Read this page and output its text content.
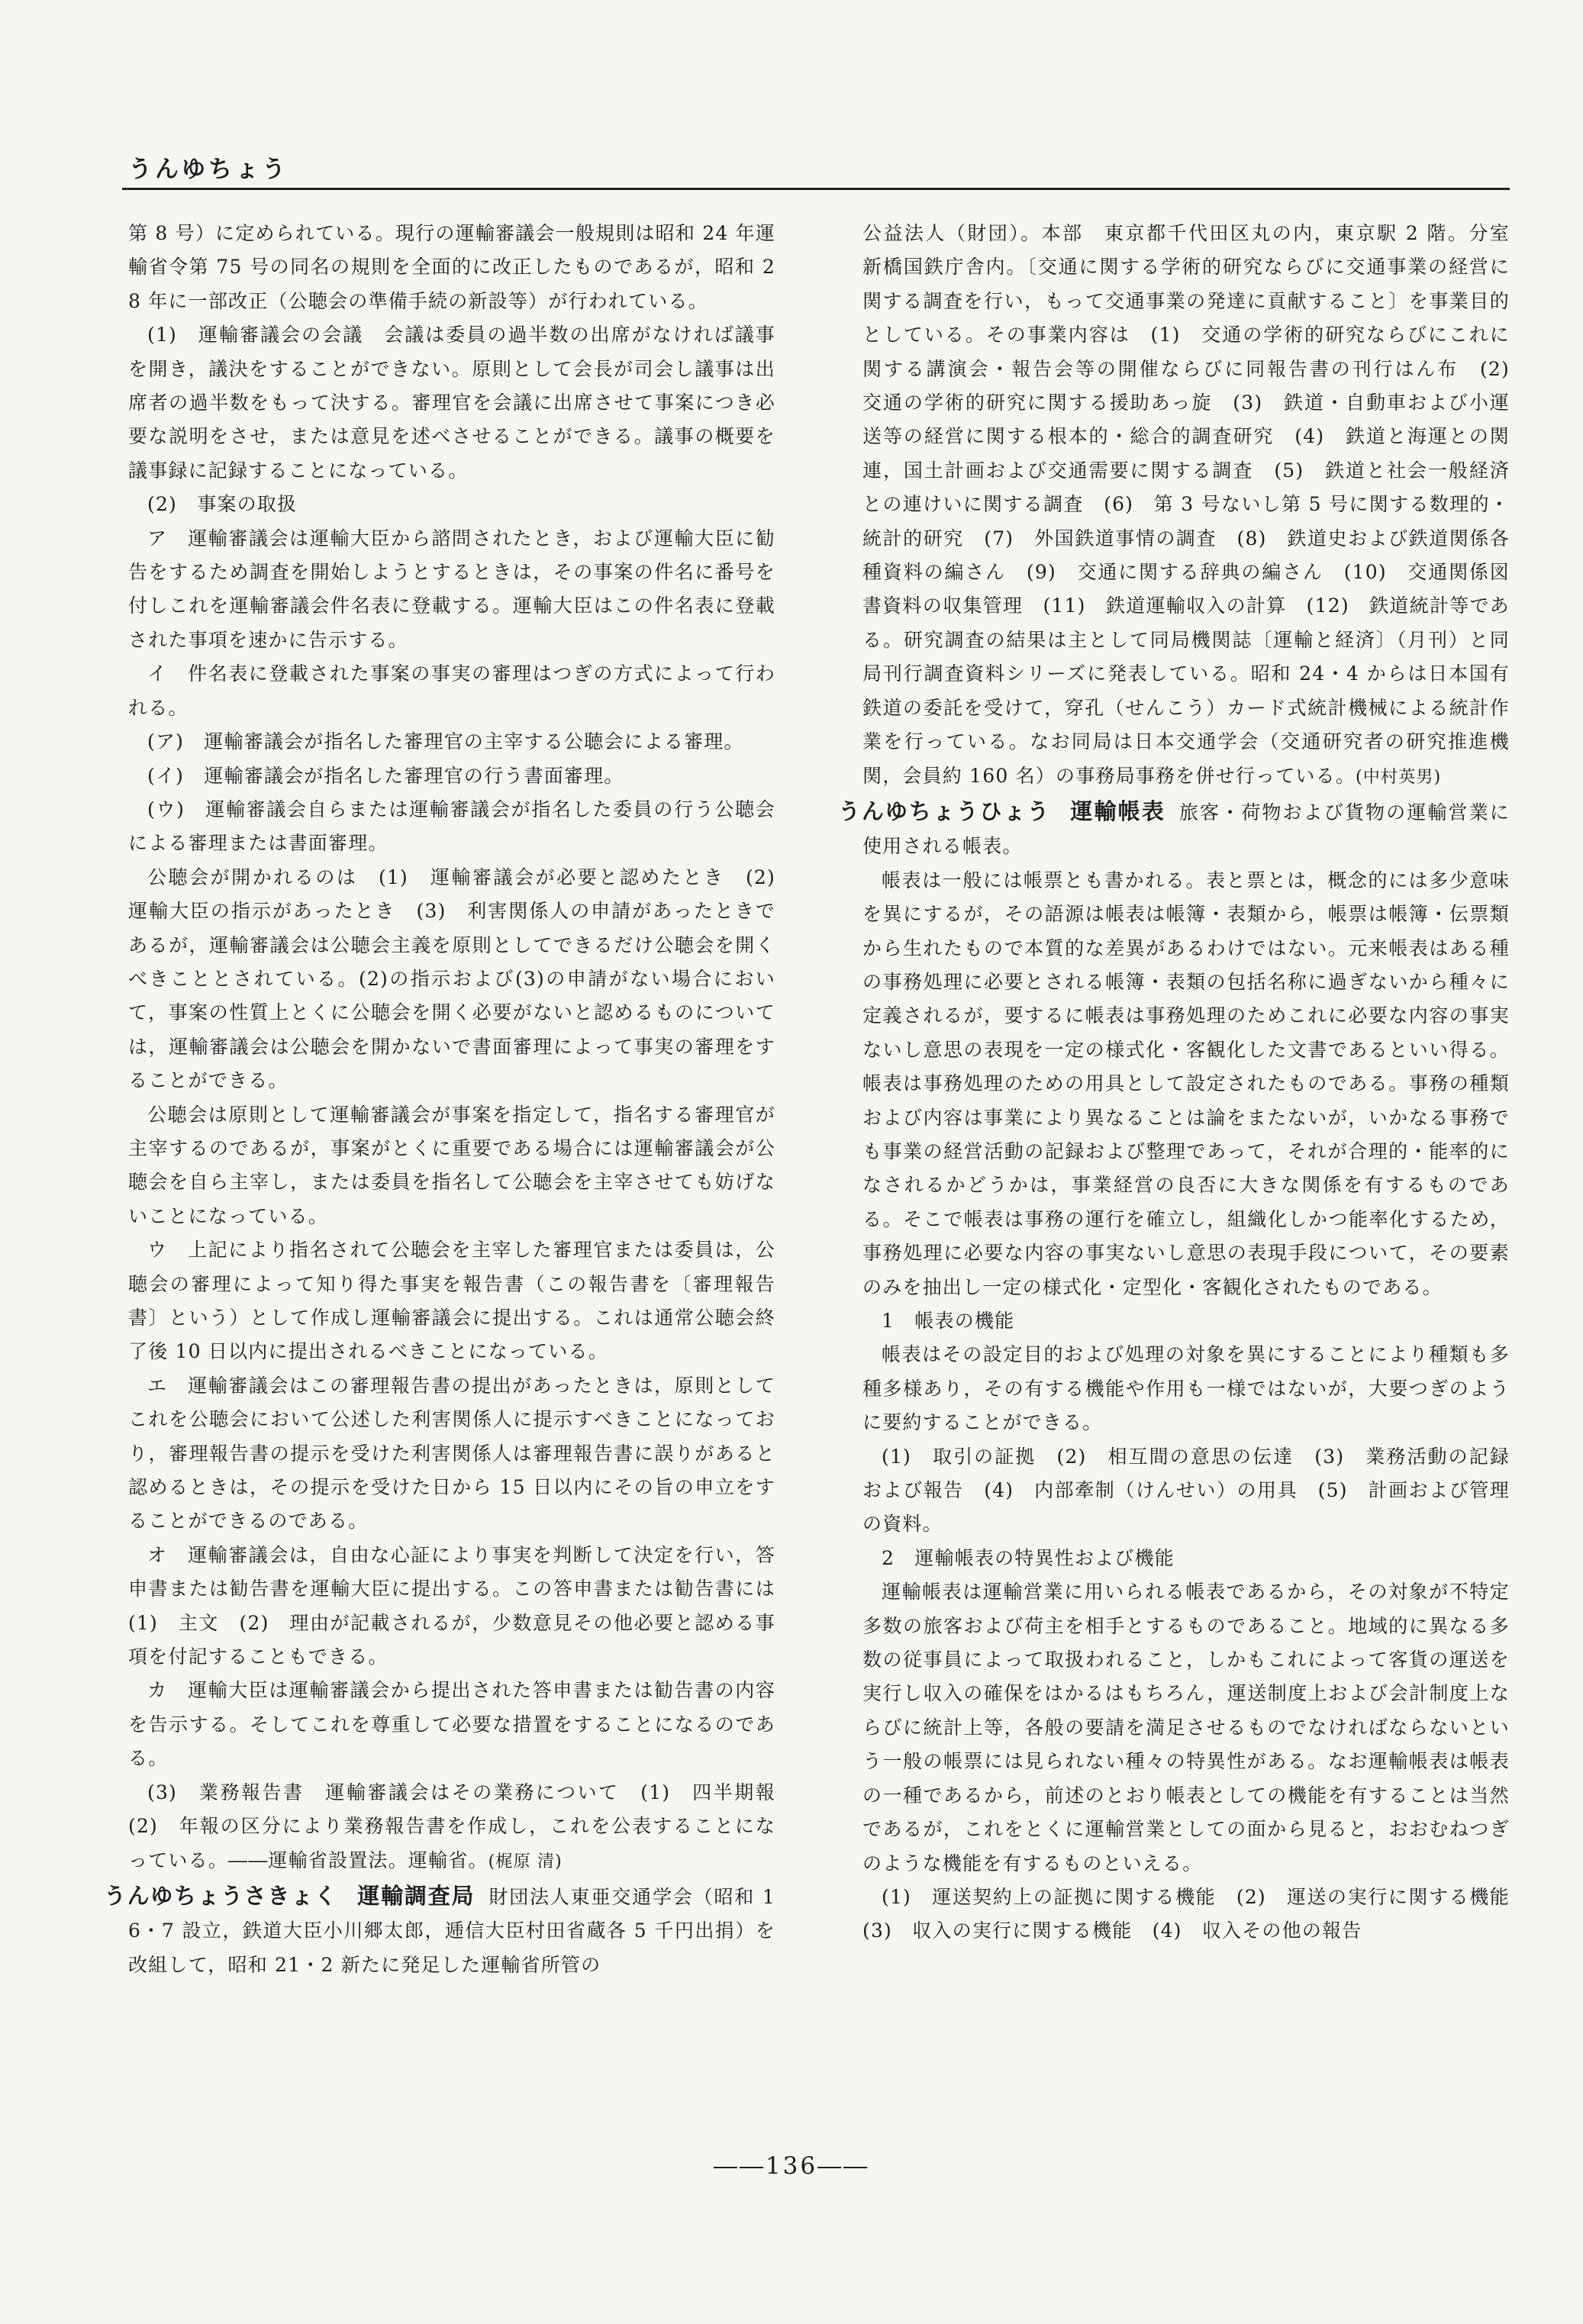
うんゆちょう

第 8 号）に定められている。現行の運輸審議会一般規則は昭和 24 年運輸省令第 75 号の同名の規則を全面的に改正したものであるが，昭和 28 年に一部改正（公聴会の準備手続の新設等）が行われている。

(1)　運輸審議会の会議　会議は委員の過半数の出席がなければ議事を開き，議決をすることができない。原則として会長が司会し議事は出席者の過半数をもって決する。審理官を会議に出席させて事案につき必要な説明をさせ，または意見を述べさせることができる。議事の概要を議事録に記録することになっている。

(2)　事案の取扱

ア　運輸審議会は運輸大臣から諮問されたとき，および運輸大臣に勧告をするため調査を開始しようとするときは，その事案の件名に番号を付しこれを運輸審議会件名表に登載する。運輸大臣はこの件名表に登載された事項を速かに告示する。

イ　件名表に登載された事案の事実の審理はつぎの方式によって行われる。

(ア)　運輸審議会が指名した審理官の主宰する公聴会による審理。

(イ)　運輸審議会が指名した審理官の行う書面審理。

(ウ)　運輸審議会自らまたは運輸審議会が指名した委員の行う公聴会による審理または書面審理。

公聴会が開かれるのは　(1)　運輸審議会が必要と認めたとき　(2)　運輸大臣の指示があったとき　(3)　利害関係人の申請があったときであるが，運輸審議会は公聴会主義を原則としてできるだけ公聴会を開くべきこととされている。(2)の指示および(3)の申請がない場合において，事案の性質上とくに公聴会を開く必要がないと認めるものについては，運輸審議会は公聴会を開かないで書面審理によって事実の審理をすることができる。

公聴会は原則として運輸審議会が事案を指定して，指名する審理官が主宰するのであるが，事案がとくに重要である場合には運輸審議会が公聴会を自ら主宰し，または委員を指名して公聴会を主宰させても妨げないことになっている。

ウ　上記により指名されて公聴会を主宰した審理官または委員は，公聴会の審理によって知り得た事実を報告書（この報告書を〔審理報告書〕という）として作成し運輸審議会に提出する。これは通常公聴会終了後 10 日以内に提出されるべきことになっている。

エ　運輸審議会はこの審理報告書の提出があったときは，原則としてこれを公聴会において公述した利害関係人に提示すべきことになっており，審理報告書の提示を受けた利害関係人は審理報告書に誤りがあると認めるときは，その提示を受けた日から 15 日以内にその旨の申立をすることができるのである。

オ　運輸審議会は，自由な心証により事実を判断して決定を行い，答申書または勧告書を運輸大臣に提出する。この答申書または勧告書には　(1)　主文　(2)　理由が記載されるが，少数意見その他必要と認める事項を付記することもできる。

カ　運輸大臣は運輸審議会から提出された答申書または勧告書の内容を告示する。そしてこれを尊重して必要な措置をすることになるのである。

(3)　業務報告書　運輸審議会はその業務について　(1)　四半期報　(2)　年報の区分により業務報告書を作成し，これを公表することになっている。――運輸省設置法。運輸省。(梶原 清)

うんゆちょうさきょく 運輸調査局 財団法人東亜交通学会（昭和 16・7 設立，鉄道大臣小川郷太郎，逓信大臣村田省蔵各 5 千円出捐）を改組して，昭和 21・2 新たに発足した運輸省所管の

公益法人（財団）。本部　東京都千代田区丸の内，東京駅 2 階。分室　新橋国鉄庁舎内。〔交通に関する学術的研究ならびに交通事業の経営に関する調査を行い，もって交通事業の発達に貢献すること〕を事業目的としている。その事業内容は　(1)　交通の学術的研究ならびにこれに関する講演会・報告会等の開催ならびに同報告書の刊行はん布　(2)　交通の学術的研究に関する援助あっ旋　(3)　鉄道・自動車および小運送等の経営に関する根本的・総合的調査研究　(4)　鉄道と海運との関連，国土計画および交通需要に関する調査　(5)　鉄道と社会一般経済との連けいに関する調査　(6)　第 3 号ないし第 5 号に関する数理的・統計的研究　(7)　外国鉄道事情の調査　(8)　鉄道史および鉄道関係各種資料の編さん　(9)　交通に関する辞典の編さん　(10)　交通関係図書資料の収集管理　(11)　鉄道運輸収入の計算　(12)　鉄道統計等である。研究調査の結果は主として同局機関誌〔運輸と経済〕（月刊）と同局刊行調査資料シリーズに発表している。昭和 24・4 からは日本国有鉄道の委託を受けて，穿孔（せんこう）カード式統計機械による統計作業を行っている。なお同局は日本交通学会（交通研究者の研究推進機関，会員約 160 名）の事務局事務を併せ行っている。(中村英男)

うんゆちょうひょう 運輸帳表 旅客・荷物および貨物の運輸営業に使用される帳表。

帳表は一般には帳票とも書かれる。表と票とは，概念的には多少意味を異にするが，その語源は帳表は帳簿・表類から，帳票は帳簿・伝票類から生れたもので本質的な差異があるわけではない。元来帳表はある種の事務処理に必要とされる帳簿・表類の包括名称に過ぎないから種々に定義されるが，要するに帳表は事務処理のためこれに必要な内容の事実ないし意思の表現を一定の様式化・客観化した文書であるといい得る。帳表は事務処理のための用具として設定されたものである。事務の種類および内容は事業により異なることは論をまたないが，いかなる事務でも事業の経営活動の記録および整理であって，それが合理的・能率的になされるかどうかは，事業経営の良否に大きな関係を有するものである。そこで帳表は事務の運行を確立し，組織化しかつ能率化するため，事務処理に必要な内容の事実ないし意思の表現手段について，その要素のみを抽出し一定の様式化・定型化・客観化されたものである。

1　帳表の機能

帳表はその設定目的および処理の対象を異にすることにより種類も多種多様あり，その有する機能や作用も一様ではないが，大要つぎのように要約することができる。

(1)　取引の証拠　(2)　相互間の意思の伝達　(3)　業務活動の記録および報告　(4)　内部牽制（けんせい）の用具　(5)　計画および管理の資料。

2　運輸帳表の特異性および機能

運輸帳表は運輸営業に用いられる帳表であるから，その対象が不特定多数の旅客および荷主を相手とするものであること。地域的に異なる多数の従事員によって取扱われること，しかもこれによって客貨の運送を実行し収入の確保をはかるはもちろん，運送制度上および会計制度上ならびに統計上等，各般の要請を満足させるものでなければならないという一般の帳票には見られない種々の特異性がある。なお運輸帳表は帳表の一種であるから，前述のとおり帳表としての機能を有することは当然であるが，これをとくに運輸営業としての面から見ると，おおむねつぎのような機能を有するものといえる。

(1)　運送契約上の証拠に関する機能　(2)　運送の実行に関する機能　(3)　収入の実行に関する機能　(4)　収入その他の報告

――136――
